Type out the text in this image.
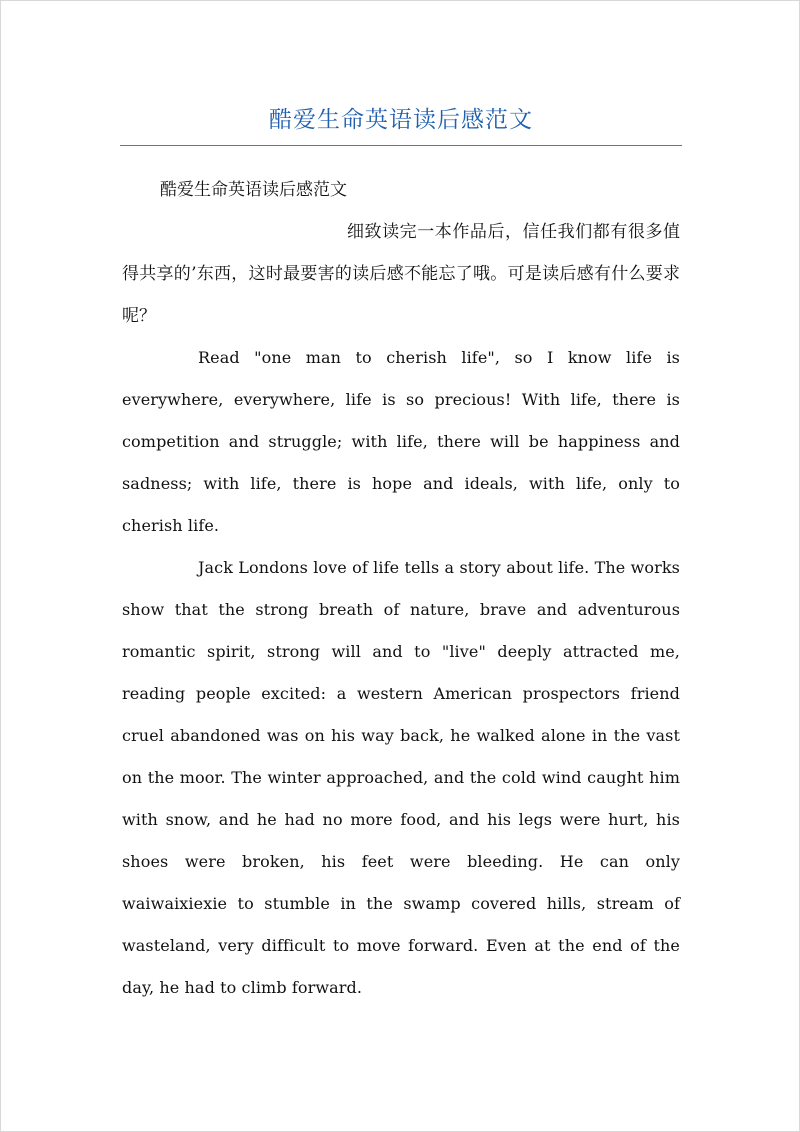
酷爱生命英语读后感范文

酷爱生命英语读后感范文

细致读完一本作品后，信任我们都有很多值得共享的’东西，这时最要害的读后感不能忘了哦。可是读后感有什么要求呢？

Read "one man to cherish life", so I know life is everywhere, everywhere, life is so precious! With life, there is competition and struggle; with life, there will be happiness and sadness; with life, there is hope and ideals, with life, only to cherish life.

Jack Londons love of life tells a story about life. The works show that the strong breath of nature, brave and adventurous romantic spirit, strong will and to "live" deeply attracted me, reading people excited: a western American prospectors friend cruel abandoned was on his way back, he walked alone in the vast on the moor. The winter approached, and the cold wind caught him with snow, and he had no more food, and his legs were hurt, his shoes were broken, his feet were bleeding. He can only waiwaixiexie to stumble in the swamp covered hills, stream of wasteland, very difficult to move forward. Even at the end of the day, he had to climb forward.
